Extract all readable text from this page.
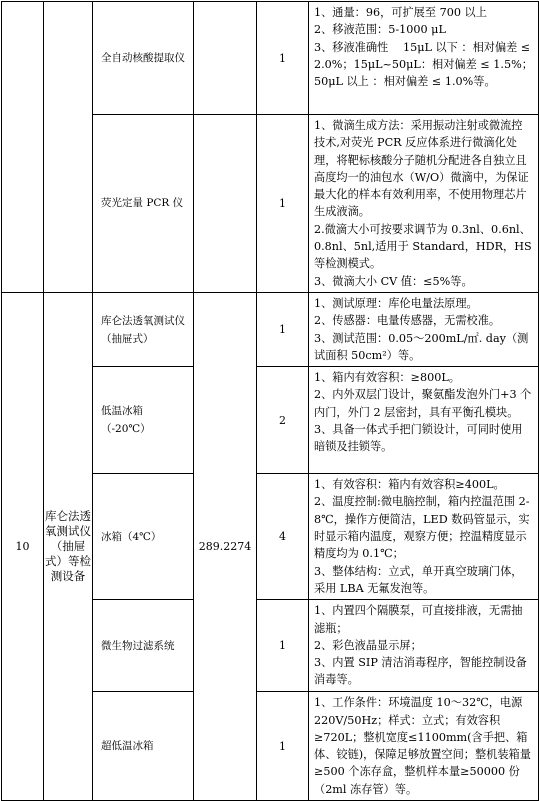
		全自动核酸提取仪		1	1、通量：96，可扩展至 700 以上
2、移液范围：5-1000 μL
3、移液准确性　 15μL 以下 ：相对偏差 ≤ 2.0%；15μL~50μL：相对偏差 ≤ 1.5%；50μL 以上 ：相对偏差 ≤ 1.0%等。

		荧光定量 PCR 仪		1	1、微滴生成方法：采用振动注射或微流控技术,对荧光 PCR 反应体系进行微滴化处理，将靶标核酸分子随机分配进各自独立且高度均一的油包水（W/O）微滴中，为保证最大化的样本有效利用率，不使用物理芯片生成液滴。
2.微滴大小可按要求调节为 0.3nl、0.6nl、0.8nl、5nl,适用于 Standard，HDR，HS 等检测模式。
3、微滴大小 CV 值：≤5%等。

10	库仑法透氧测试仪（抽屉式）等检测设备	库仑法透氧测试仪（抽屉式）	289.2274	1	1、测试原理：库伦电量法原理。
2、传感器：电量传感器，无需校准。
3、测试范围：0.05～200mL/㎡. day（测试面积 50cm²）等。

		低温冰箱（-20℃）		2	1、箱内有效容积：≥800L。
2、内外双层门设计，聚氨酯发泡外门+3 个内门，外门 2 层密封，具有平衡孔模块。
3、具备一体式手把门锁设计，可同时使用暗锁及挂锁等。

		冰箱（4℃）		4	1、有效容积：箱内有效容积≥400L。
2、温度控制:微电脑控制，箱内控温范围 2-8℃，操作方便简洁，LED 数码管显示，实时显示箱内温度，观察方便；控温精度显示精度均为 0.1℃；
3、整体结构：立式，单开真空玻璃门体，采用 LBA 无氟发泡等。

		微生物过滤系统		1	1、内置四个隔膜泵，可直接排液，无需抽滤瓶；
2、彩色液晶显示屏；
3、内置 SIP 清洁消毒程序，智能控制设备消毒等。

		超低温冰箱		1	1、工作条件：环境温度 10～32℃，电源 220V/50Hz；样式：立式；有效容积≥720L；整机宽度≤1100mm(含手把、箱体、铰链)，保障足够放置空间；整机装箱量≥500 个冻存盒，整机样本量≥50000 份（2ml 冻存管）等。
